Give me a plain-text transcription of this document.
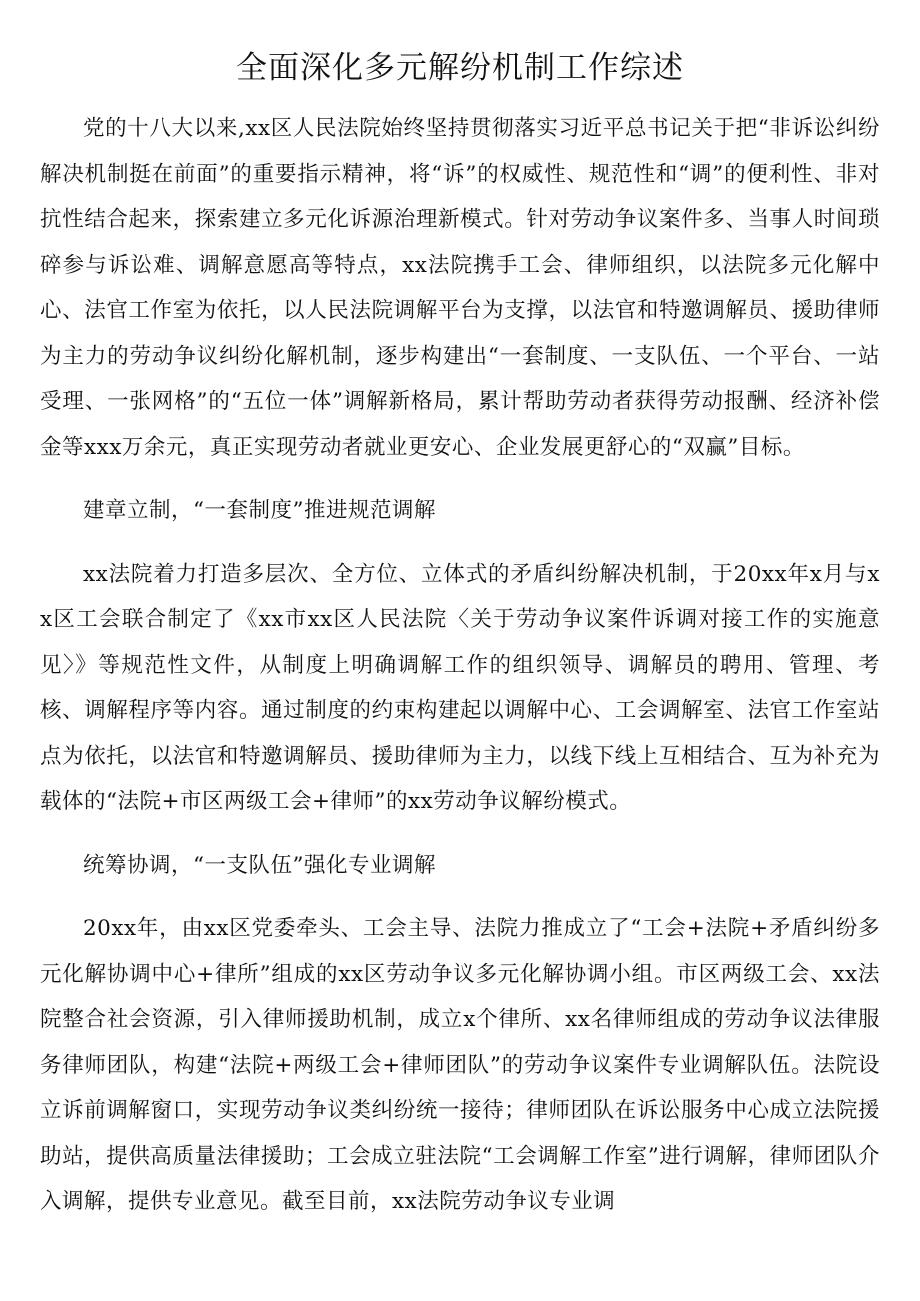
全面深化多元解纷机制工作综述

党的十八大以来,xx区人民法院始终坚持贯彻落实习近平总书记关于把“非诉讼纠纷解决机制挺在前面”的重要指示精神，将“诉”的权威性、规范性和“调”的便利性、非对抗性结合起来，探索建立多元化诉源治理新模式。针对劳动争议案件多、当事人时间琐碎参与诉讼难、调解意愿高等特点，xx法院携手工会、律师组织，以法院多元化解中心、法官工作室为依托，以人民法院调解平台为支撑，以法官和特邀调解员、援助律师为主力的劳动争议纠纷化解机制，逐步构建出“一套制度、一支队伍、一个平台、一站受理、一张网格”的“五位一体”调解新格局，累计帮助劳动者获得劳动报酬、经济补偿金等xxx万余元，真正实现劳动者就业更安心、企业发展更舒心的“双赢”目标。

建章立制，“一套制度”推进规范调解

xx法院着力打造多层次、全方位、立体式的矛盾纠纷解决机制，于20xx年x月与xx区工会联合制定了《xx市xx区人民法院〈关于劳动争议案件诉调对接工作的实施意见〉》等规范性文件，从制度上明确调解工作的组织领导、调解员的聘用、管理、考核、调解程序等内容。通过制度的约束构建起以调解中心、工会调解室、法官工作室站点为依托，以法官和特邀调解员、援助律师为主力，以线下线上互相结合、互为补充为载体的“法院+市区两级工会+律师”的xx劳动争议解纷模式。

统筹协调，“一支队伍”强化专业调解

20xx年，由xx区党委牵头、工会主导、法院力推成立了“工会+法院+矛盾纠纷多元化解协调中心+律所”组成的xx区劳动争议多元化解协调小组。市区两级工会、xx法院整合社会资源，引入律师援助机制，成立x个律所、xx名律师组成的劳动争议法律服务律师团队，构建“法院+两级工会+律师团队”的劳动争议案件专业调解队伍。法院设立诉前调解窗口，实现劳动争议类纠纷统一接待；律师团队在诉讼服务中心成立法院援助站，提供高质量法律援助；工会成立驻法院“工会调解工作室”进行调解，律师团队介入调解，提供专业意见。截至目前，xx法院劳动争议专业调
